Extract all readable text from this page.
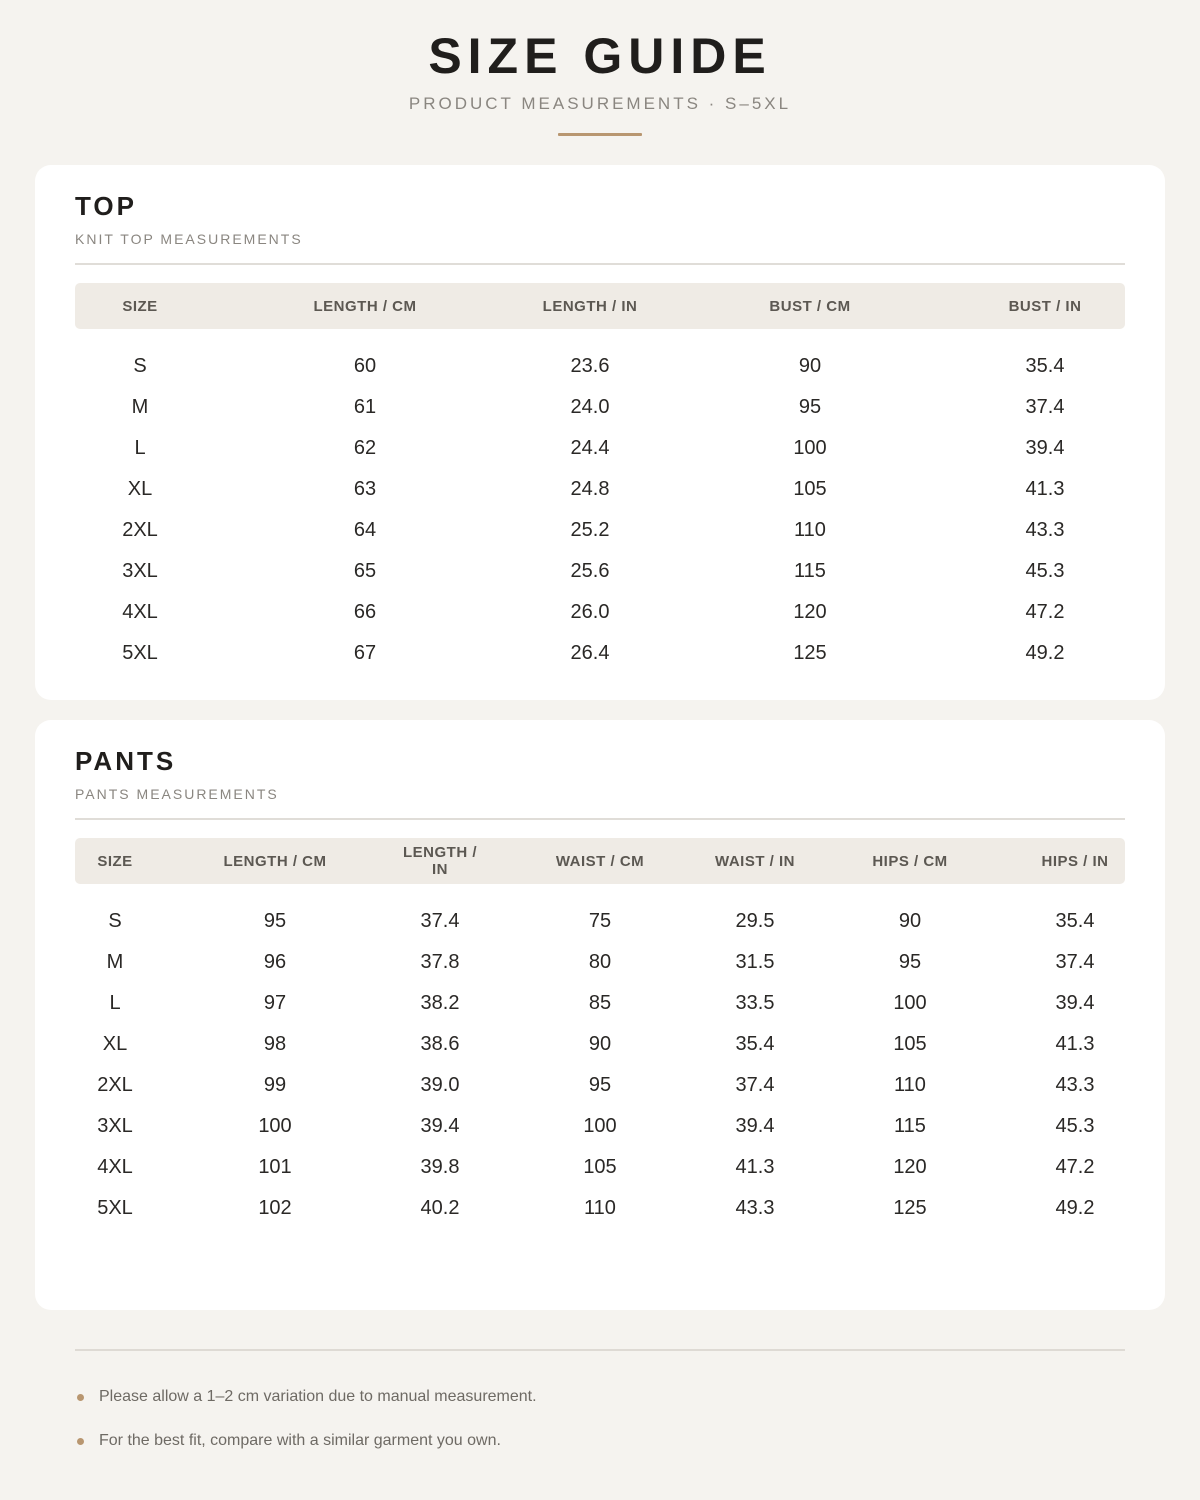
SIZE GUIDE
PRODUCT MEASUREMENTS · S–5XL
TOP
KNIT TOP MEASUREMENTS
SIZE	LENGTH / CM	LENGTH / IN	BUST / CM	BUST / IN
S	60	23.6	90	35.4
M	61	24.0	95	37.4
L	62	24.4	100	39.4
XL	63	24.8	105	41.3
2XL	64	25.2	110	43.3
3XL	65	25.6	115	45.3
4XL	66	26.0	120	47.2
5XL	67	26.4	125	49.2
PANTS
PANTS MEASUREMENTS
SIZE	LENGTH / CM	LENGTH / IN	WAIST / CM	WAIST / IN	HIPS / CM	HIPS / IN
S	95	37.4	75	29.5	90	35.4
M	96	37.8	80	31.5	95	37.4
L	97	38.2	85	33.5	100	39.4
XL	98	38.6	90	35.4	105	41.3
2XL	99	39.0	95	37.4	110	43.3
3XL	100	39.4	100	39.4	115	45.3
4XL	101	39.8	105	41.3	120	47.2
5XL	102	40.2	110	43.3	125	49.2
Please allow a 1–2 cm variation due to manual measurement.
For the best fit, compare with a similar garment you own.
